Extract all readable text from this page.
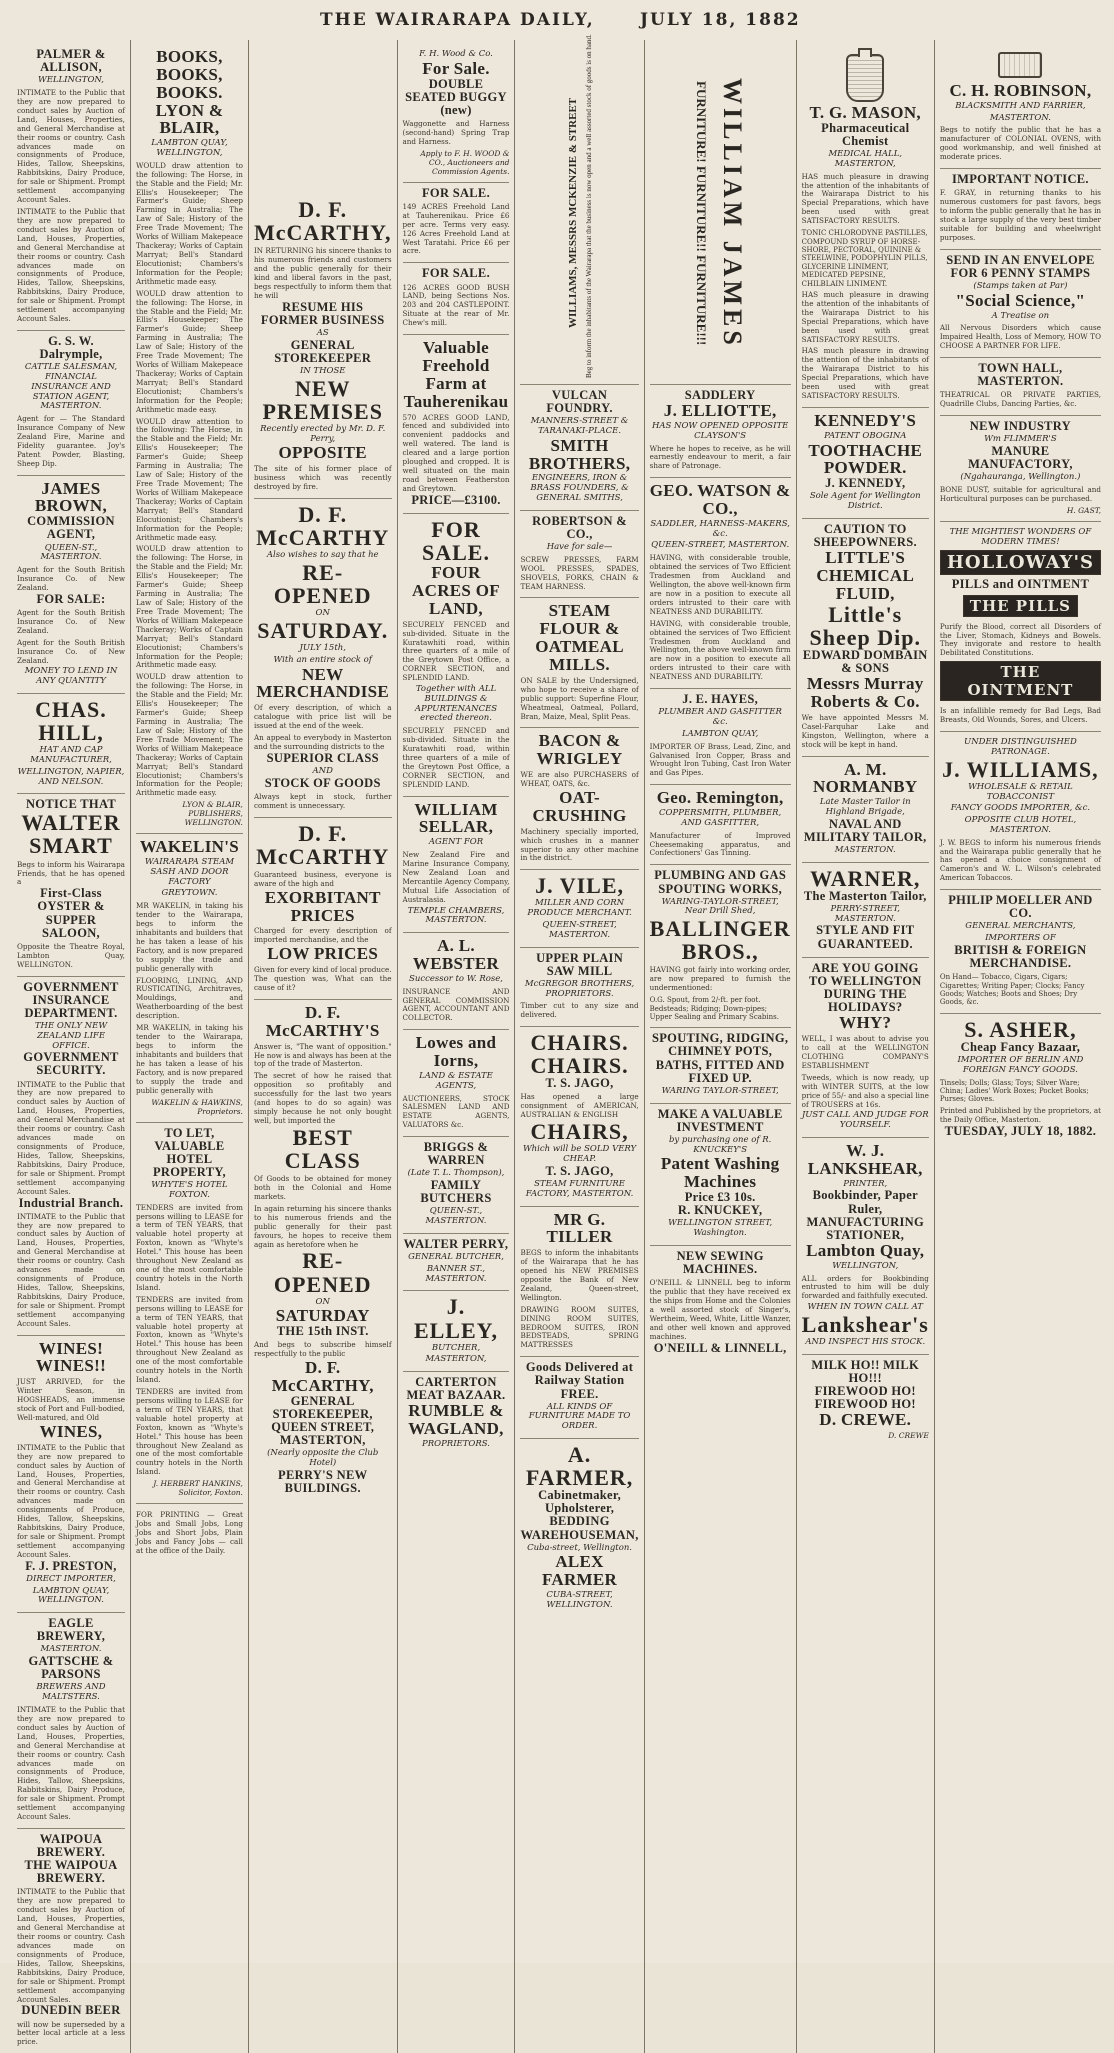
THE WAIRARAPA DAILY,	JULY 18, 1882
PALMER & ALLISON,
WELLINGTON,
INTIMATE to the Public that they are now prepared to conduct sales by Auction of Land, Houses, Properties, and General Merchandise at their rooms or country. Cash advances made on consignments of Produce, Hides, Tallow, Sheepskins, Rabbitskins, Dairy Produce, for sale or Shipment. Prompt settlement accompanying Account Sales.
INTIMATE to the Public that they are now prepared to conduct sales by Auction of Land, Houses, Properties, and General Merchandise at their rooms or country. Cash advances made on consignments of Produce, Hides, Tallow, Sheepskins, Rabbitskins, Dairy Produce, for sale or Shipment. Prompt settlement accompanying Account Sales.
G. S. W. Dalrymple,
CATTLE SALESMAN, FINANCIAL INSURANCE AND STATION AGENT, MASTERTON.
Agent for — The Standard Insurance Company of New Zealand Fire, Marine and Fidelity guarantee. Joy's Patent Powder, Blasting, Sheep Dip.
JAMES BROWN,
COMMISSION AGENT,
QUEEN-ST., MASTERTON.
Agent for the South British Insurance Co. of New Zealand.
FOR SALE:
Agent for the South British Insurance Co. of New Zealand.
Agent for the South British Insurance Co. of New Zealand.
MONEY TO LEND IN ANY QUANTITY
CHAS. HILL,
HAT AND CAP MANUFACTURER,
WELLINGTON, NAPIER, AND NELSON.
NOTICE THAT
WALTER SMART
Begs to inform his Wairarapa Friends, that he has opened a
First-Class OYSTER & SUPPER SALOON,
Opposite the Theatre Royal, Lambton Quay, WELLINGTON.
GOVERNMENT INSURANCE DEPARTMENT.
THE ONLY NEW ZEALAND LIFE OFFICE.
GOVERNMENT SECURITY.
INTIMATE to the Public that they are now prepared to conduct sales by Auction of Land, Houses, Properties, and General Merchandise at their rooms or country. Cash advances made on consignments of Produce, Hides, Tallow, Sheepskins, Rabbitskins, Dairy Produce, for sale or Shipment. Prompt settlement accompanying Account Sales.
Industrial Branch.
INTIMATE to the Public that they are now prepared to conduct sales by Auction of Land, Houses, Properties, and General Merchandise at their rooms or country. Cash advances made on consignments of Produce, Hides, Tallow, Sheepskins, Rabbitskins, Dairy Produce, for sale or Shipment. Prompt settlement accompanying Account Sales.
WINES! WINES!!
JUST ARRIVED, for the Winter Season, in HOGSHEADS, an immense stock of Port and Full-bodied, Well-matured, and Old
WINES,
INTIMATE to the Public that they are now prepared to conduct sales by Auction of Land, Houses, Properties, and General Merchandise at their rooms or country. Cash advances made on consignments of Produce, Hides, Tallow, Sheepskins, Rabbitskins, Dairy Produce, for sale or Shipment. Prompt settlement accompanying Account Sales.
F. J. PRESTON,
DIRECT IMPORTER,
LAMBTON QUAY, WELLINGTON.
EAGLE BREWERY,
MASTERTON.
GATTSCHE & PARSONS
BREWERS AND MALTSTERS.
INTIMATE to the Public that they are now prepared to conduct sales by Auction of Land, Houses, Properties, and General Merchandise at their rooms or country. Cash advances made on consignments of Produce, Hides, Tallow, Sheepskins, Rabbitskins, Dairy Produce, for sale or Shipment. Prompt settlement accompanying Account Sales.
WAIPOUA BREWERY.
THE WAIPOUA BREWERY.
INTIMATE to the Public that they are now prepared to conduct sales by Auction of Land, Houses, Properties, and General Merchandise at their rooms or country. Cash advances made on consignments of Produce, Hides, Tallow, Sheepskins, Rabbitskins, Dairy Produce, for sale or Shipment. Prompt settlement accompanying Account Sales.
DUNEDIN BEER
will now be superseded by a better local article at a less price.
BOOKS, BOOKS, BOOKS.
LYON & BLAIR,
LAMBTON QUAY, WELLINGTON,
WOULD draw attention to the following: The Horse, in the Stable and the Field; Mr. Ellis's Housekeeper; The Farmer's Guide; Sheep Farming in Australia; The Law of Sale; History of the Free Trade Movement; The Works of William Makepeace Thackeray; Works of Captain Marryat; Bell's Standard Elocutionist; Chambers's Information for the People; Arithmetic made easy.
WOULD draw attention to the following: The Horse, in the Stable and the Field; Mr. Ellis's Housekeeper; The Farmer's Guide; Sheep Farming in Australia; The Law of Sale; History of the Free Trade Movement; The Works of William Makepeace Thackeray; Works of Captain Marryat; Bell's Standard Elocutionist; Chambers's Information for the People; Arithmetic made easy.
WOULD draw attention to the following: The Horse, in the Stable and the Field; Mr. Ellis's Housekeeper; The Farmer's Guide; Sheep Farming in Australia; The Law of Sale; History of the Free Trade Movement; The Works of William Makepeace Thackeray; Works of Captain Marryat; Bell's Standard Elocutionist; Chambers's Information for the People; Arithmetic made easy.
WOULD draw attention to the following: The Horse, in the Stable and the Field; Mr. Ellis's Housekeeper; The Farmer's Guide; Sheep Farming in Australia; The Law of Sale; History of the Free Trade Movement; The Works of William Makepeace Thackeray; Works of Captain Marryat; Bell's Standard Elocutionist; Chambers's Information for the People; Arithmetic made easy.
WOULD draw attention to the following: The Horse, in the Stable and the Field; Mr. Ellis's Housekeeper; The Farmer's Guide; Sheep Farming in Australia; The Law of Sale; History of the Free Trade Movement; The Works of William Makepeace Thackeray; Works of Captain Marryat; Bell's Standard Elocutionist; Chambers's Information for the People; Arithmetic made easy.
LYON & BLAIR, PUBLISHERS, WELLINGTON.
WAKELIN'S
WAIRARAPA STEAM SASH AND DOOR FACTORY
GREYTOWN.
MR WAKELIN, in taking his tender to the Wairarapa, begs to inform the inhabitants and builders that he has taken a lease of his Factory, and is now prepared to supply the trade and public generally with
FLOORING, LINING, AND RUSTICATING, Architraves, Mouldings, and Weatherboarding of the best description.
MR WAKELIN, in taking his tender to the Wairarapa, begs to inform the inhabitants and builders that he has taken a lease of his Factory, and is now prepared to supply the trade and public generally with
WAKELIN & HAWKINS, Proprietors.
TO LET,
VALUABLE HOTEL PROPERTY,
WHYTE'S HOTEL FOXTON.
TENDERS are invited from persons willing to LEASE for a term of TEN YEARS, that valuable hotel property at Foxton, known as "Whyte's Hotel." This house has been throughout New Zealand as one of the most comfortable country hotels in the North Island.
TENDERS are invited from persons willing to LEASE for a term of TEN YEARS, that valuable hotel property at Foxton, known as "Whyte's Hotel." This house has been throughout New Zealand as one of the most comfortable country hotels in the North Island.
TENDERS are invited from persons willing to LEASE for a term of TEN YEARS, that valuable hotel property at Foxton, known as "Whyte's Hotel." This house has been throughout New Zealand as one of the most comfortable country hotels in the North Island.
J. HERBERT HANKINS, Solicitor, Foxton.
FOR PRINTING — Great Jobs and Small Jobs, Long Jobs and Short Jobs, Plain Jobs and Fancy Jobs — call at the office of the Daily.
D. F. McCARTHY,
IN RETURNING his sincere thanks to his numerous friends and customers and the public generally for their kind and liberal favors in the past, begs respectfully to inform them that he will
RESUME HIS FORMER BUSINESS
AS
GENERAL STOREKEEPER
IN THOSE
NEW PREMISES
Recently erected by Mr. D. F. Perry,
OPPOSITE
The site of his former place of business which was recently destroyed by fire.
D. F. McCARTHY
Also wishes to say that he
RE-OPENED
ON
SATURDAY.
JULY 15th,
With an entire stock of
NEW MERCHANDISE
Of every description, of which a catalogue with price list will be issued at the end of the week.
An appeal to everybody in Masterton and the surrounding districts to the
SUPERIOR CLASS
AND
STOCK OF GOODS
Always kept in stock, further comment is unnecessary.
D. F. McCARTHY
Guaranteed business, everyone is aware of the high and
EXORBITANT PRICES
Charged for every description of imported merchandise, and the
LOW PRICES
Given for every kind of local produce. The question was, What can the cause of it?
D. F. McCARTHY'S
Answer is, "The want of opposition." He now is and always has been at the top of the trade of Masterton.
The secret of how he raised that opposition so profitably and successfully for the last two years (and hopes to do so again) was simply because he not only bought well, but imported the
BEST CLASS
Of Goods to be obtained for money both in the Colonial and Home markets.
In again returning his sincere thanks to his numerous friends and the public generally for their past favours, he hopes to receive them again as heretofore when he
RE-OPENED
ON
SATURDAY
THE 15th INST.
And begs to subscribe himself respectfully to the public
D. F. McCARTHY,
GENERAL STOREKEEPER,
QUEEN STREET,
MASTERTON,
(Nearly opposite the Club Hotel)
PERRY'S NEW BUILDINGS.
F. H. Wood & Co.
For Sale.
DOUBLE SEATED BUGGY (new)
Waggonette and Harness (second-hand) Spring Trap and Harness.
Apply to F. H. WOOD & CO., Auctioneers and Commission Agents.
FOR SALE.
149 ACRES Freehold Land at Tauherenikau. Price £6 per acre. Terms very easy. 126 Acres Freehold Land at West Taratahi. Price £6 per acre.
FOR SALE.
126 ACRES GOOD BUSH LAND, being Sections Nos. 203 and 204 CASTLEPOINT. Situate at the rear of Mr. Chew's mill.
Valuable Freehold Farm at Tauherenikau
570 ACRES GOOD LAND, fenced and subdivided into convenient paddocks and well watered. The land is cleared and a large portion ploughed and cropped. It is well situated on the main road between Featherston and Greytown.
PRICE—£3100.
FOR SALE.
FOUR ACRES OF LAND,
SECURELY FENCED and sub-divided. Situate in the Kuratawhiti road, within three quarters of a mile of the Greytown Post Office, a CORNER SECTION, and SPLENDID LAND.
Together with ALL BUILDINGS & APPURTENANCES erected thereon.
SECURELY FENCED and sub-divided. Situate in the Kuratawhiti road, within three quarters of a mile of the Greytown Post Office, a CORNER SECTION, and SPLENDID LAND.
WILLIAM SELLAR,
AGENT FOR
New Zealand Fire and Marine Insurance Company, New Zealand Loan and Mercantile Agency Company, Mutual Life Association of Australasia.
TEMPLE CHAMBERS, MASTERTON.
A. L. WEBSTER
Successor to W. Rose,
INSURANCE AND GENERAL COMMISSION AGENT, ACCOUNTANT AND COLLECTOR.
Lowes and Iorns,
LAND & ESTATE AGENTS,
AUCTIONEERS, STOCK SALESMEN LAND AND ESTATE AGENTS, VALUATORS &c.
BRIGGS & WARREN
(Late T. L. Thompson),
FAMILY BUTCHERS
QUEEN-ST., MASTERTON.
WALTER PERRY,
GENERAL BUTCHER,
BANNER ST., MASTERTON.
J. ELLEY,
BUTCHER,
MASTERTON,
CARTERTON MEAT BAZAAR.
RUMBLE & WAGLAND,
PROPRIETORS.
WILLIAMS, MESSRS MCKENZIE & STREET Beg to inform the inhabitants of the Wairarapa that the business is now open and a well assorted stock of goods is on hand.
VULCAN FOUNDRY.
MANNERS-STREET & TARANAKI-PLACE.
SMITH BROTHERS,
ENGINEERS, IRON & BRASS FOUNDERS, & GENERAL SMITHS,
ROBERTSON & CO.,
Have for sale—
SCREW PRESSES, FARM WOOL PRESSES, SPADES, SHOVELS, FORKS, CHAIN & TEAM HARNESS.
STEAM FLOUR & OATMEAL MILLS.
ON SALE by the Undersigned, who hope to receive a share of public support: Superfine Flour, Wheatmeal, Oatmeal, Pollard, Bran, Maize, Meal, Split Peas.
BACON & WRIGLEY
WE are also PURCHASERS of WHEAT, OATS, &c.
OAT-CRUSHING
Machinery specially imported, which crushes in a manner superior to any other machine in the district.
J. VILE,
MILLER AND CORN PRODUCE MERCHANT.
QUEEN-STREET, MASTERTON.
UPPER PLAIN SAW MILL
McGREGOR BROTHERS, PROPRIETORS.
Timber cut to any size and delivered.
CHAIRS.
CHAIRS.
T. S. JAGO,
Has opened a large consignment of AMERICAN, AUSTRALIAN & ENGLISH
CHAIRS,
Which will be SOLD VERY CHEAP.
T. S. JAGO,
STEAM FURNITURE FACTORY, MASTERTON.
MR G. TILLER
BEGS to inform the inhabitants of the Wairarapa that he has opened his NEW PREMISES opposite the Bank of New Zealand, Queen-street, Wellington.
DRAWING ROOM SUITES, DINING ROOM SUITES, BEDROOM SUITES, IRON BEDSTEADS, SPRING MATTRESSES
Goods Delivered at Railway Station FREE.
ALL KINDS OF FURNITURE MADE TO ORDER.
A. FARMER,
Cabinetmaker, Upholsterer,
BEDDING WAREHOUSEMAN,
Cuba-street, Wellington.
ALEX FARMER
CUBA-STREET, WELLINGTON.
FURNITURE! FURNITURE!! FURNITURE!!! WILLIAM JAMES
SADDLERY
J. ELLIOTTE,
HAS NOW OPENED OPPOSITE CLAYSON'S
Where he hopes to receive, as he will earnestly endeavour to merit, a fair share of Patronage.
GEO. WATSON & CO.,
SADDLER, HARNESS-MAKERS, &c.
QUEEN-STREET, MASTERTON.
HAVING, with considerable trouble, obtained the services of Two Efficient Tradesmen from Auckland and Wellington, the above well-known firm are now in a position to execute all orders intrusted to their care with NEATNESS AND DURABILITY.
HAVING, with considerable trouble, obtained the services of Two Efficient Tradesmen from Auckland and Wellington, the above well-known firm are now in a position to execute all orders intrusted to their care with NEATNESS AND DURABILITY.
J. E. HAYES,
PLUMBER AND GASFITTER &c.
LAMBTON QUAY,
IMPORTER OF Brass, Lead, Zinc, and Galvanised Iron Copper, Brass and Wrought Iron Tubing, Cast Iron Water and Gas Pipes.
Geo. Remington,
COPPERSMITH, PLUMBER, AND GASFITTER,
Manufacturer of Improved Cheesemaking apparatus, and Confectioners' Gas Tinning.
PLUMBING AND GAS
SPOUTING WORKS,
WARING-TAYLOR-STREET, Near Drill Shed,
BALLINGER BROS.,
HAVING got fairly into working order, are now prepared to furnish the undermentioned:
O.G. Spout, from 2/-ft. per foot. Bedsteads; Ridging; Down-pipes; Upper Sealing and Primary Scabins.
SPOUTING, RIDGING, CHIMNEY POTS, BATHS, FITTED AND FIXED UP.
WARING TAYLOR-STREET,
MAKE A VALUABLE INVESTMENT
by purchasing one of R. KNUCKEY'S
Patent Washing Machines
Price £3 10s.
R. KNUCKEY,
WELLINGTON STREET, Washington.
NEW SEWING MACHINES.
O'NEILL & LINNELL beg to inform the public that they have received ex the ships from Home and the Colonies a well assorted stock of Singer's, Wertheim, Weed, White, Little Wanzer, and other well known and approved machines.
O'NEILL & LINNELL,
T. G. MASON,
Pharmaceutical Chemist
MEDICAL HALL, MASTERTON,
HAS much pleasure in drawing the attention of the inhabitants of the Wairarapa District to his Special Preparations, which have been used with great SATISFACTORY RESULTS.
TONIC CHLORODYNE PASTILLES, COMPOUND SYRUP OF HORSE-SHORE, PECTORAL, QUININE & STEELWINE, PODOPHYLIN PILLS, GLYCERINE LINIMENT, MEDICATED PEPSINE, CHILBLAIN LINIMENT.
HAS much pleasure in drawing the attention of the inhabitants of the Wairarapa District to his Special Preparations, which have been used with great SATISFACTORY RESULTS.
HAS much pleasure in drawing the attention of the inhabitants of the Wairarapa District to his Special Preparations, which have been used with great SATISFACTORY RESULTS.
KENNEDY'S
PATENT OBOGINA
TOOTHACHE POWDER.
J. KENNEDY,
Sole Agent for Wellington District.
CAUTION TO SHEEPOWNERS.
LITTLE'S
CHEMICAL FLUID,
Little's Sheep Dip.
EDWARD DOMBAIN & SONS
Messrs Murray Roberts & Co.
We have appointed Messrs M. Casel-Farquhar Lake and Kingston, Wellington, where a stock will be kept in hand.
A. M. NORMANBY
Late Master Tailor in Highland Brigade,
NAVAL AND MILITARY TAILOR,
MASTERTON.
WARNER,
The Masterton Tailor,
PERRY-STREET, MASTERTON.
STYLE AND FIT GUARANTEED.
ARE YOU GOING TO WELLINGTON DURING THE HOLIDAYS?
WHY?
WELL, I was about to advise you to call at the WELLINGTON CLOTHING COMPANY'S ESTABLISHMENT
Tweeds, which is now ready, up with WINTER SUITS, at the low price of 55/- and also a special line of TROUSERS at 16s.
JUST CALL AND JUDGE FOR YOURSELF.
W. J. LANKSHEAR,
PRINTER,
Bookbinder, Paper Ruler,
MANUFACTURING STATIONER,
Lambton Quay,
WELLINGTON,
ALL orders for Bookbinding entrusted to him will be duly forwarded and faithfully executed.
WHEN IN TOWN CALL AT
Lankshear's
AND INSPECT HIS STOCK.
MILK HO!! MILK HO!!!
FIREWOOD HO! FIREWOOD HO!
D. CREWE.
D. CREWE
C. H. ROBINSON,
BLACKSMITH AND FARRIER,
MASTERTON.
Begs to notify the public that he has a manufacturer of COLONIAL OVENS, with good workmanship, and well finished at moderate prices.
IMPORTANT NOTICE.
F. GRAY, in returning thanks to his numerous customers for past favors, begs to inform the public generally that he has in stock a large supply of the very best timber suitable for building and wheelwright purposes.
SEND IN AN ENVELOPE FOR 6 PENNY STAMPS
(Stamps taken at Par)
"Social Science,"
A Treatise on
All Nervous Disorders which cause Impaired Health, Loss of Memory, HOW TO CHOOSE A PARTNER FOR LIFE.
TOWN HALL, MASTERTON.
THEATRICAL OR PRIVATE PARTIES, Quadrille Clubs, Dancing Parties, &c.
NEW INDUSTRY
Wm FLIMMER'S
MANURE MANUFACTORY,
(Ngahauranga, Wellington.)
BONE DUST, suitable for agricultural and Horticultural purposes can be purchased.
H. GAST,
THE MIGHTIEST WONDERS OF MODERN TIMES!
HOLLOWAY'S
PILLS and OINTMENT
THE PILLS
Purify the Blood, correct all Disorders of the Liver, Stomach, Kidneys and Bowels. They invigorate and restore to health Debilitated Constitutions.
THE OINTMENT
Is an infallible remedy for Bad Legs, Bad Breasts, Old Wounds, Sores, and Ulcers.
UNDER DISTINGUISHED PATRONAGE.
J. WILLIAMS,
WHOLESALE & RETAIL TOBACCONIST
FANCY GOODS IMPORTER, &c.
OPPOSITE CLUB HOTEL, MASTERTON.
J. W. BEGS to inform his numerous friends and the Wairarapa public generally that he has opened a choice consignment of Cameron's and W. L. Wilson's celebrated American Tobaccos.
PHILIP MOELLER AND CO.
GENERAL MERCHANTS,
IMPORTERS OF
BRITISH & FOREIGN MERCHANDISE.
On Hand— Tobacco, Cigars, Cigars; Cigarettes; Writing Paper; Clocks; Fancy Goods; Watches; Boots and Shoes; Dry Goods, &c.
S. ASHER,
Cheap Fancy Bazaar,
IMPORTER OF BERLIN AND FOREIGN FANCY GOODS.
Tinsels; Dolls; Glass; Toys; Silver Ware; China; Ladies' Work Boxes; Pocket Books; Purses; Gloves.
Printed and Published by the proprietors, at the Daily Office, Masterton.
TUESDAY, JULY 18, 1882.
